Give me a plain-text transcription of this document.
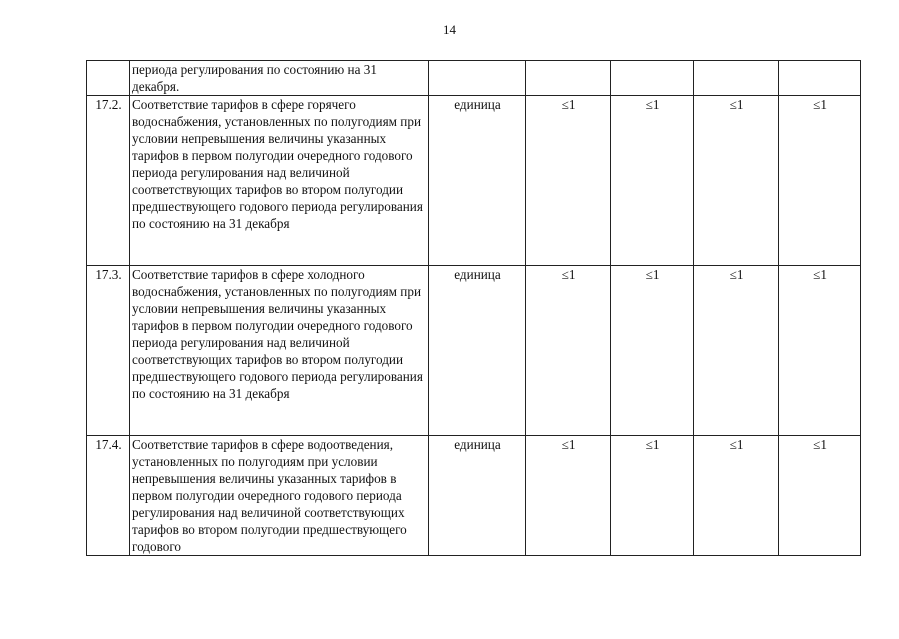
14
	периода регулирования по состоянию на 31 декабря.					
17.2.	Соответствие тарифов в сфере горячего водоснабжения, установленных по полугодиям при условии непревышения величины указанных тарифов в первом полугодии очередного годового периода регулирования над величиной соответствующих тарифов во втором полугодии предшествующего годового периода регулирования по состоянию на 31 декабря	единица	≤1	≤1	≤1	≤1
17.3.	Соответствие тарифов в сфере холодного водоснабжения, установленных по полугодиям при условии непревышения величины указанных тарифов в первом полугодии очередного годового периода регулирования над величиной соответствующих тарифов во втором полугодии предшествующего годового периода регулирования по состоянию на 31 декабря	единица	≤1	≤1	≤1	≤1
17.4.	Соответствие тарифов в сфере водоотведения, установленных по полугодиям при условии непревышения величины указанных тарифов в первом полугодии очередного годового периода регулирования над величиной соответствующих тарифов во втором полугодии предшествующего годового	единица	≤1	≤1	≤1	≤1
